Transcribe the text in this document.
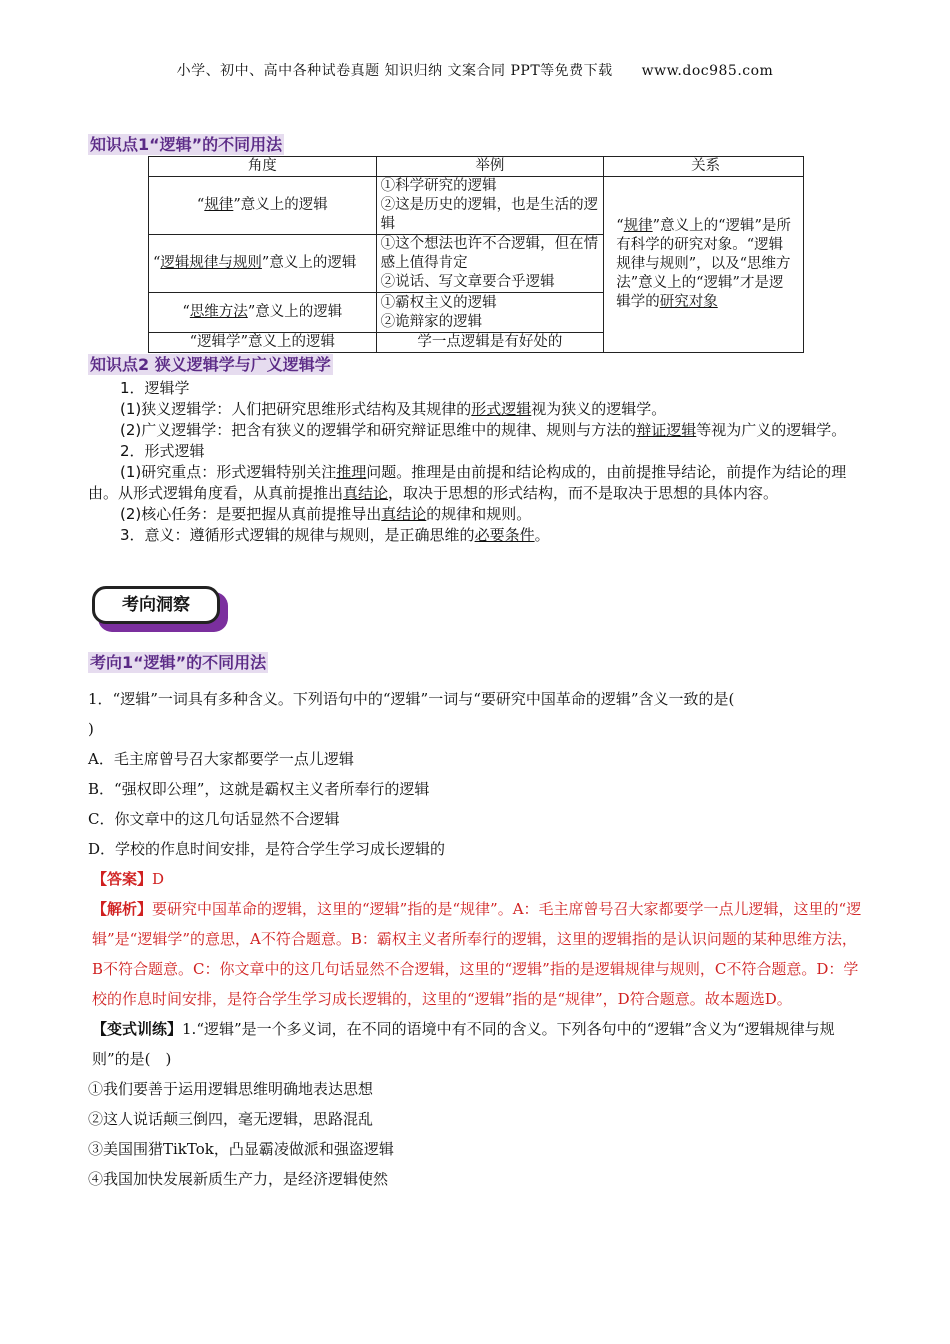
小学、初中、高中各种试卷真题 知识归纳 文案合同 PPT等免费下载 www.doc985.com
知识点1“逻辑”的不同用法
角度	举例	关系
“规律”意义上的逻辑	①科学研究的逻辑
②这是历史的逻辑，也是生活的逻辑	“规律”意义上的“逻辑”是所有科学的研究对象。“逻辑规律与规则”，以及“思维方法”意义上的“逻辑”才是逻辑学的研究对象
“逻辑规律与规则”意义上的逻辑	①这个想法也许不合逻辑，但在情感上值得肯定
②说话、写文章要合乎逻辑	

“思维方法”意义上的逻辑	①霸权主义的逻辑
②诡辩家的逻辑	

“逻辑学”意义上的逻辑	学一点逻辑是有好处的	
知识点2 狭义逻辑学与广义逻辑学
1．逻辑学
(1)狭义逻辑学：人们把研究思维形式结构及其规律的形式逻辑视为狭义的逻辑学。
(2)广义逻辑学：把含有狭义的逻辑学和研究辩证思维中的规律、规则与方法的辩证逻辑等视为广义的逻辑学。
2．形式逻辑
(1)研究重点：形式逻辑特别关注推理问题。推理是由前提和结论构成的，由前提推导结论，前提作为结论的理由。从形式逻辑角度看，从真前提推出真结论，取决于思想的形式结构，而不是取决于思想的具体内容。
(2)核心任务：是要把握从真前提推导出真结论的规律和规则。
3．意义：遵循形式逻辑的规律与规则，是正确思维的必要条件。
考向洞察
考向1“逻辑”的不同用法
1．“逻辑”一词具有多种含义。下列语句中的“逻辑”一词与“要研究中国革命的逻辑”含义一致的是(
)
A．毛主席曾号召大家都要学一点儿逻辑
B．“强权即公理”，这就是霸权主义者所奉行的逻辑
C．你文章中的这几句话显然不合逻辑
D．学校的作息时间安排，是符合学生学习成长逻辑的
【答案】D
【解析】要研究中国革命的逻辑，这里的“逻辑”指的是“规律”。A：毛主席曾号召大家都要学一点儿逻辑，这里的“逻辑”是“逻辑学”的意思，A不符合题意。B：霸权主义者所奉行的逻辑，这里的逻辑指的是认识问题的某种思维方法，B不符合题意。C：你文章中的这几句话显然不合逻辑，这里的“逻辑”指的是逻辑规律与规则，C不符合题意。D：学校的作息时间安排，是符合学生学习成长逻辑的，这里的“逻辑”指的是“规律”，D符合题意。故本题选D。
【变式训练】1.“逻辑”是一个多义词，在不同的语境中有不同的含义。下列各句中的“逻辑”含义为“逻辑规律与规则”的是(　)
①我们要善于运用逻辑思维明确地表达思想
②这人说话颠三倒四，毫无逻辑，思路混乱
③美国围猎TikTok，凸显霸凌做派和强盗逻辑
④我国加快发展新质生产力，是经济逻辑使然
